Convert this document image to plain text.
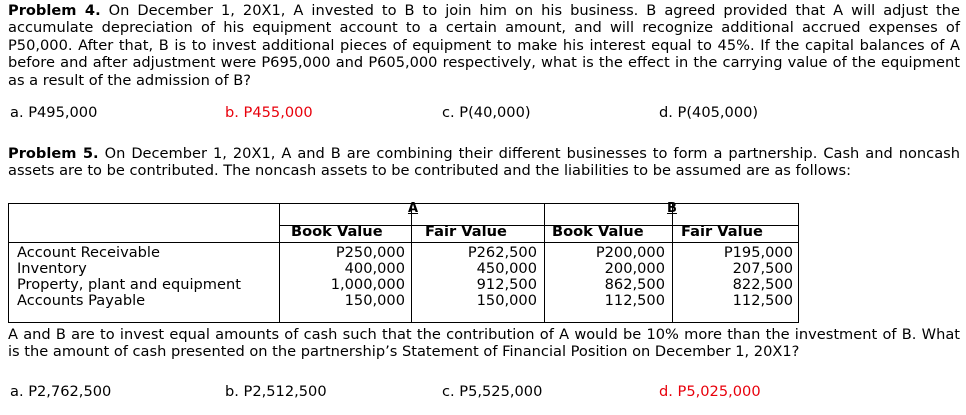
Problem 4. On December 1, 20X1, A invested to B to join him on his business. B agreed provided that A will adjust the accumulate depreciation of his equipment account to a certain amount, and will recognize additional accrued expenses of P50,000. After that, B is to invest additional pieces of equipment to make his interest equal to 45%. If the capital balances of A before and after adjustment were P695,000 and P605,000 respectively, what is the effect in the carrying value of the equipment as a result of the admission of B?
a. P495,000	b. P455,000	c. P(40,000)	d. P(405,000)
Problem 5. On December 1, 20X1, A and B are combining their different businesses to form a partnership. Cash and noncash assets are to be contributed. The noncash assets to be contributed and the liabilities to be assumed are as follows:
A	B
Book Value	Fair Value	Book Value	Fair Value
Account Receivable	P250,000	P262,500	P200,000	P195,000
Inventory	400,000	450,000	200,000	207,500
Property, plant and equipment	1,000,000	912,500	862,500	822,500
Accounts Payable	150,000	150,000	112,500	112,500
A and B are to invest equal amounts of cash such that the contribution of A would be 10% more than the investment of B. What is the amount of cash presented on the partnership’s Statement of Financial Position on December 1, 20X1?
a. P2,762,500	b. P2,512,500	c. P5,525,000	d. P5,025,000
